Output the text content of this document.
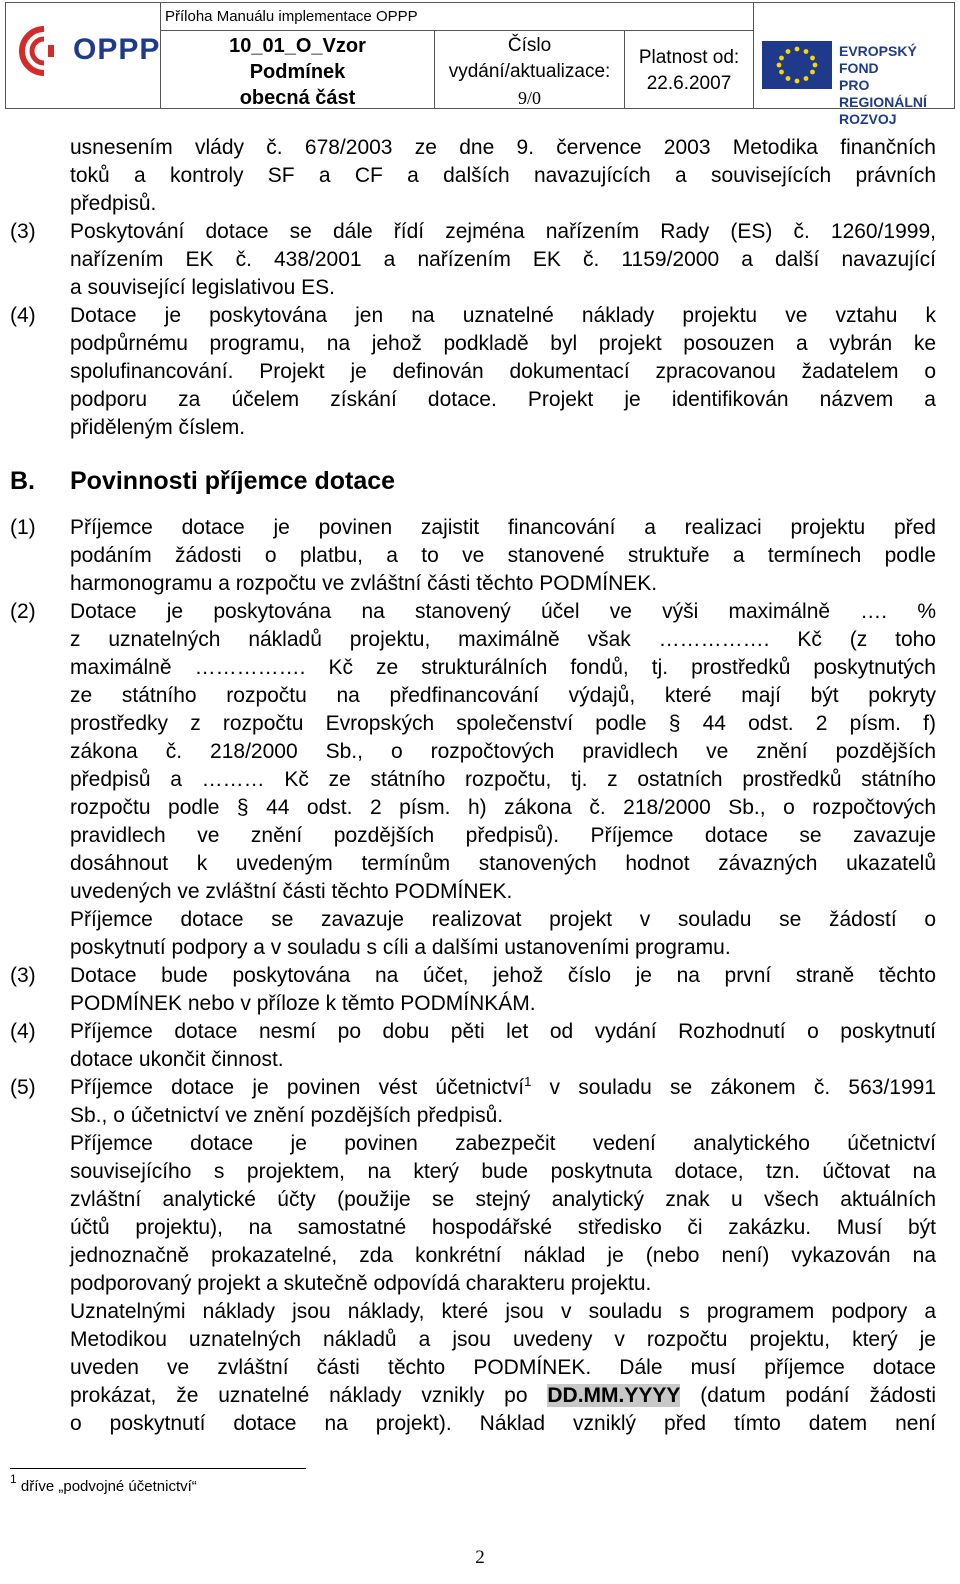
OPPP
Příloha Manuálu implementace OPPP
10_01_O_Vzor
Podmínek
obecná část
Číslo
vydání/aktualizace:
9/0
Platnost od:
22.6.2007
EVROPSKÝ FOND
PRO REGIONÁLNÍ
ROZVOJ
usnesením vlády č. 678/2003 ze dne 9. července 2003 Metodika finančních
toků a kontroly SF a CF a dalších navazujících a souvisejících právních
předpisů.
(3) Poskytování dotace se dále řídí zejména nařízením Rady (ES) č. 1260/1999,
nařízením EK č. 438/2001 a nařízením EK č. 1159/2000 a další navazující
a související legislativou ES.
(4) Dotace je poskytována jen na uznatelné náklady projektu ve vztahu k
podpůrnému programu, na jehož podkladě byl projekt posouzen a vybrán ke
spolufinancování. Projekt je definován dokumentací zpracovanou žadatelem o
podporu za účelem získání dotace. Projekt je identifikován názvem a
přiděleným číslem.
(1) Příjemce dotace je povinen zajistit financování a realizaci projektu před
podáním žádosti o platbu, a to ve stanovené struktuře a termínech podle
harmonogramu a rozpočtu ve zvláštní části těchto PODMÍNEK.
(2) Dotace je poskytována na stanovený účel ve výši maximálně …. %
z uznatelných nákladů projektu, maximálně však ……………. Kč (z toho
maximálně ……………. Kč ze strukturálních fondů, tj. prostředků poskytnutých
ze státního rozpočtu na předfinancování výdajů, které mají být pokryty
prostředky z rozpočtu Evropských společenství podle § 44 odst. 2 písm. f)
zákona č. 218/2000 Sb., o rozpočtových pravidlech ve znění pozdějších
předpisů a ……… Kč ze státního rozpočtu, tj. z ostatních prostředků státního
rozpočtu podle § 44 odst. 2 písm. h) zákona č. 218/2000 Sb., o rozpočtových
pravidlech ve znění pozdějších předpisů). Příjemce dotace se zavazuje
dosáhnout k uvedeným termínům stanovených hodnot závazných ukazatelů
uvedených ve zvláštní části těchto PODMÍNEK.
Příjemce dotace se zavazuje realizovat projekt v souladu se žádostí o
poskytnutí podpory a v souladu s cíli a dalšími ustanoveními programu.
(3) Dotace bude poskytována na účet, jehož číslo je na první straně těchto
PODMÍNEK nebo v příloze k těmto PODMÍNKÁM.
(4) Příjemce dotace nesmí po dobu pěti let od vydání Rozhodnutí o poskytnutí
dotace ukončit činnost.
(5) Příjemce dotace je povinen vést účetnictví$^1$ v souladu se zákonem č. 563/1991
Sb., o účetnictví ve znění pozdějších předpisů.
Příjemce dotace je povinen zabezpečit vedení analytického účetnictví
souvisejícího s projektem, na který bude poskytnuta dotace, tzn. účtovat na
zvláštní analytické účty (použije se stejný analytický znak u všech aktuálních
účtů projektu), na samostatné hospodářské středisko či zakázku. Musí být
jednoznačně prokazatelné, zda konkrétní náklad je (nebo není) vykazován na
podporovaný projekt a skutečně odpovídá charakteru projektu.
Uznatelnými náklady jsou náklady, které jsou v souladu s programem podpory a
Metodikou uznatelných nákladů a jsou uvedeny v rozpočtu projektu, který je
uveden ve zvláštní části těchto PODMÍNEK. Dále musí příjemce dotace
prokázat, že uznatelné náklady vznikly po DD.MM.YYYY (datum podání žádosti
o poskytnutí dotace na projekt). Náklad vzniklý před tímto datem není
B. Povinnosti příjemce dotace
$^1$ dříve „podvojné účetnictví“
2
